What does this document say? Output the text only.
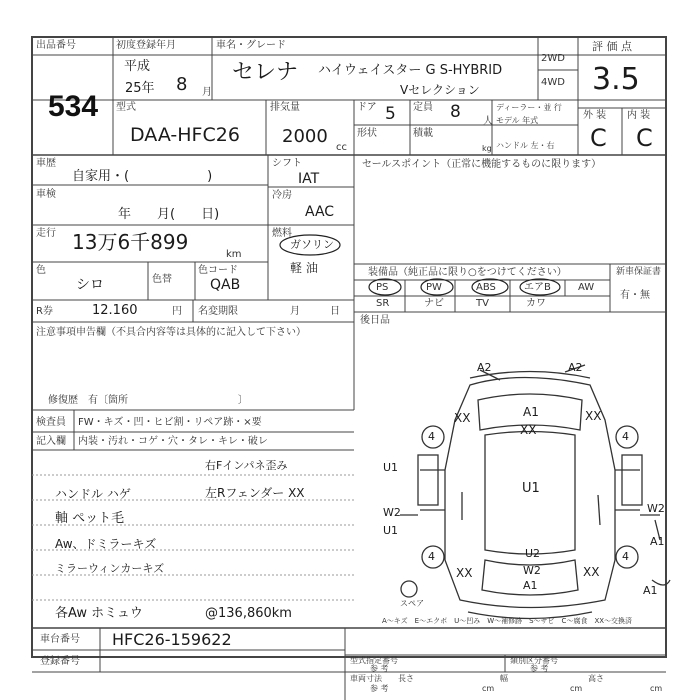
出品番号
534
初度登録年月
平成
25年 8 月
車名・グレード
セレナ ハイウェイスター G S-HYBRID
Vセレクション
2WD
4WD
評 価 点
3.5
外 装 内 装
C C
型式
DAA-HFC26
排気量
2000
cc
ドア 5 定員 8 人
ディーラー・並 行
モデル 年式
形状	積載
kg ハンドル 左・右
車歴
自家用・(　　　　　　)
車検
年　　月(　　日)
走行 13万6千899
km
色
シロ	色替
色コード
QAB
R券	12.160	円 名変期限	月　　　日
シフト
IAT
冷房
AAC
燃料
ガソリン
軽 油
セールスポイント（正常に機能するものに限ります）
装備品（純正品に限り○をつけてください）	新車保証書
有・無
PS	PW	ABS	エアB	AW
SR	ナビ	TV	カワ
後日品
注意事項申告欄（不具合内容等は具体的に記入して下さい）
修復歴　有〔箇所　　　　　　　　　　　〕
検査員
記入欄
FW・キズ・凹・ヒビ割・リペア跡・×要
内装・汚れ・コゲ・穴・タレ・キレ・破レ
右Fインパネ歪み
左Rフェンダー XX
ハンドル ハゲ
軸 ペット毛
Aw、ドミラーキズ
ミラーウィンカーキズ
各Aw ホミュウ	@136,860km
A2	A2
A1
XX
XX	XX
U1
U1
W2
U1
W2
A1
A1
W2
XX	XX
A1
U2
4	4
4	4
スペア
A～キズ　E～エクボ　U～凹み　W～補修跡　S～サビ　C～腐食　XX～交換済
車台番号 HFC26-159622
登録番号	型式指定番号	類別区分番号
参 考	参 考
車両寸法
参 考
長さ
cm
幅
cm
高さ
cm
